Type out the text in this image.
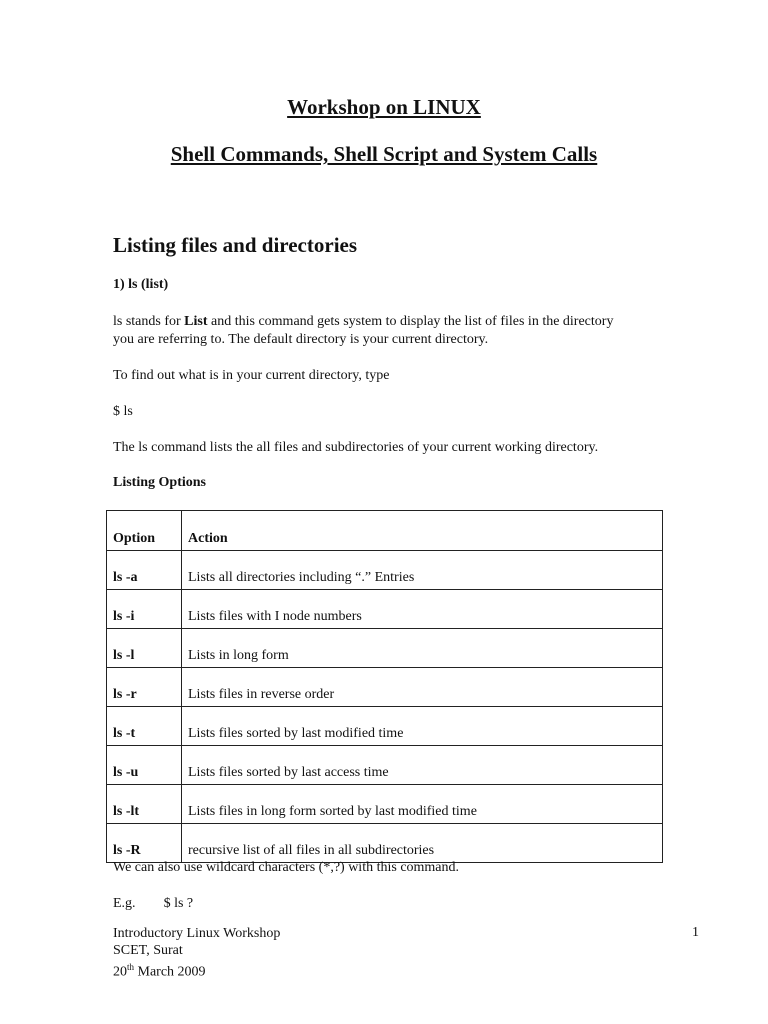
Workshop on LINUX
Shell Commands, Shell Script and System Calls
Listing files and directories
1) ls (list)
ls stands for List and this command gets system to display the list of files in the directory
you are referring to. The default directory is your current directory.
To find out what is in your current directory, type
$ ls
The ls command lists the all files and subdirectories of your current working directory.
Listing Options
Option	Action
ls -a	Lists all directories including “.” Entries
ls -i	Lists files with I node numbers
ls -l	Lists in long form
ls -r	Lists files in reverse order
ls -t	Lists files sorted by last modified time
ls -u	Lists files sorted by last access time
ls -lt	Lists files in long form sorted by last modified time
ls -R	recursive list of all files in all subdirectories
We can also use wildcard characters (*,?) with this command.
E.g. $ ls ?
Introductory Linux Workshop
SCET, Surat
20th March 2009
1
